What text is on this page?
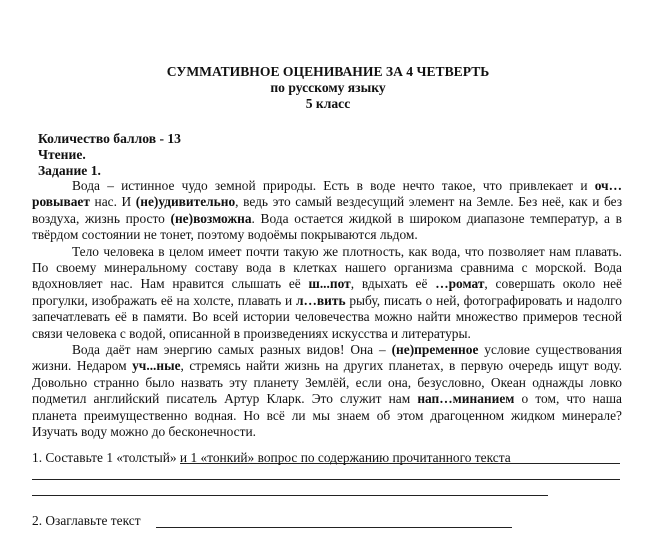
СУММАТИВНОЕ ОЦЕНИВАНИЕ ЗА 4 ЧЕТВЕРТЬ
по русскому языку
5 класс
Количество баллов - 13
Чтение.
Задание 1.

Вода – истинное чудо земной природы. Есть в воде нечто такое, что привлекает и оч…ровывает нас. И (не)удивительно, ведь это самый вездесущий элемент на Земле. Без неё, как и без воздуха, жизнь просто (не)возможна. Вода остается жидкой в широком диапазоне температур, а в твёрдом состоянии не тонет, поэтому водоёмы покрываются льдом.

Тело человека в целом имеет почти такую же плотность, как вода, что позволяет нам плавать. По своему минеральному составу вода в клетках нашего организма сравнима с морской. Вода вдохновляет нас. Нам нравится слышать её ш...пот, вдыхать её …ромат, совершать около неё прогулки, изображать её на холсте, плавать и л…вить рыбу, писать о ней, фотографировать и надолго запечатлевать её в памяти. Во всей истории человечества можно найти множество примеров тесной связи человека с водой, описанной в произведениях искусства и литературы.

Вода даёт нам энергию самых разных видов! Она – (не)пременное условие существования жизни. Недаром уч...ные, стремясь найти жизнь на других планетах, в первую очередь ищут воду. Довольно странно было назвать эту планету Землёй, если она, безусловно, Океан однажды ловко подметил английский писатель Артур Кларк. Это служит нам нап…минанием о том, что наша планета преимущественно водная. Но всё ли мы знаем об этом драгоценном жидком минерале? Изучать воду можно до бесконечности.

1. Составьте 1 «толстый» и 1 «тонкий» вопрос по содержанию прочитанного текста
2. Озаглавьте текст
